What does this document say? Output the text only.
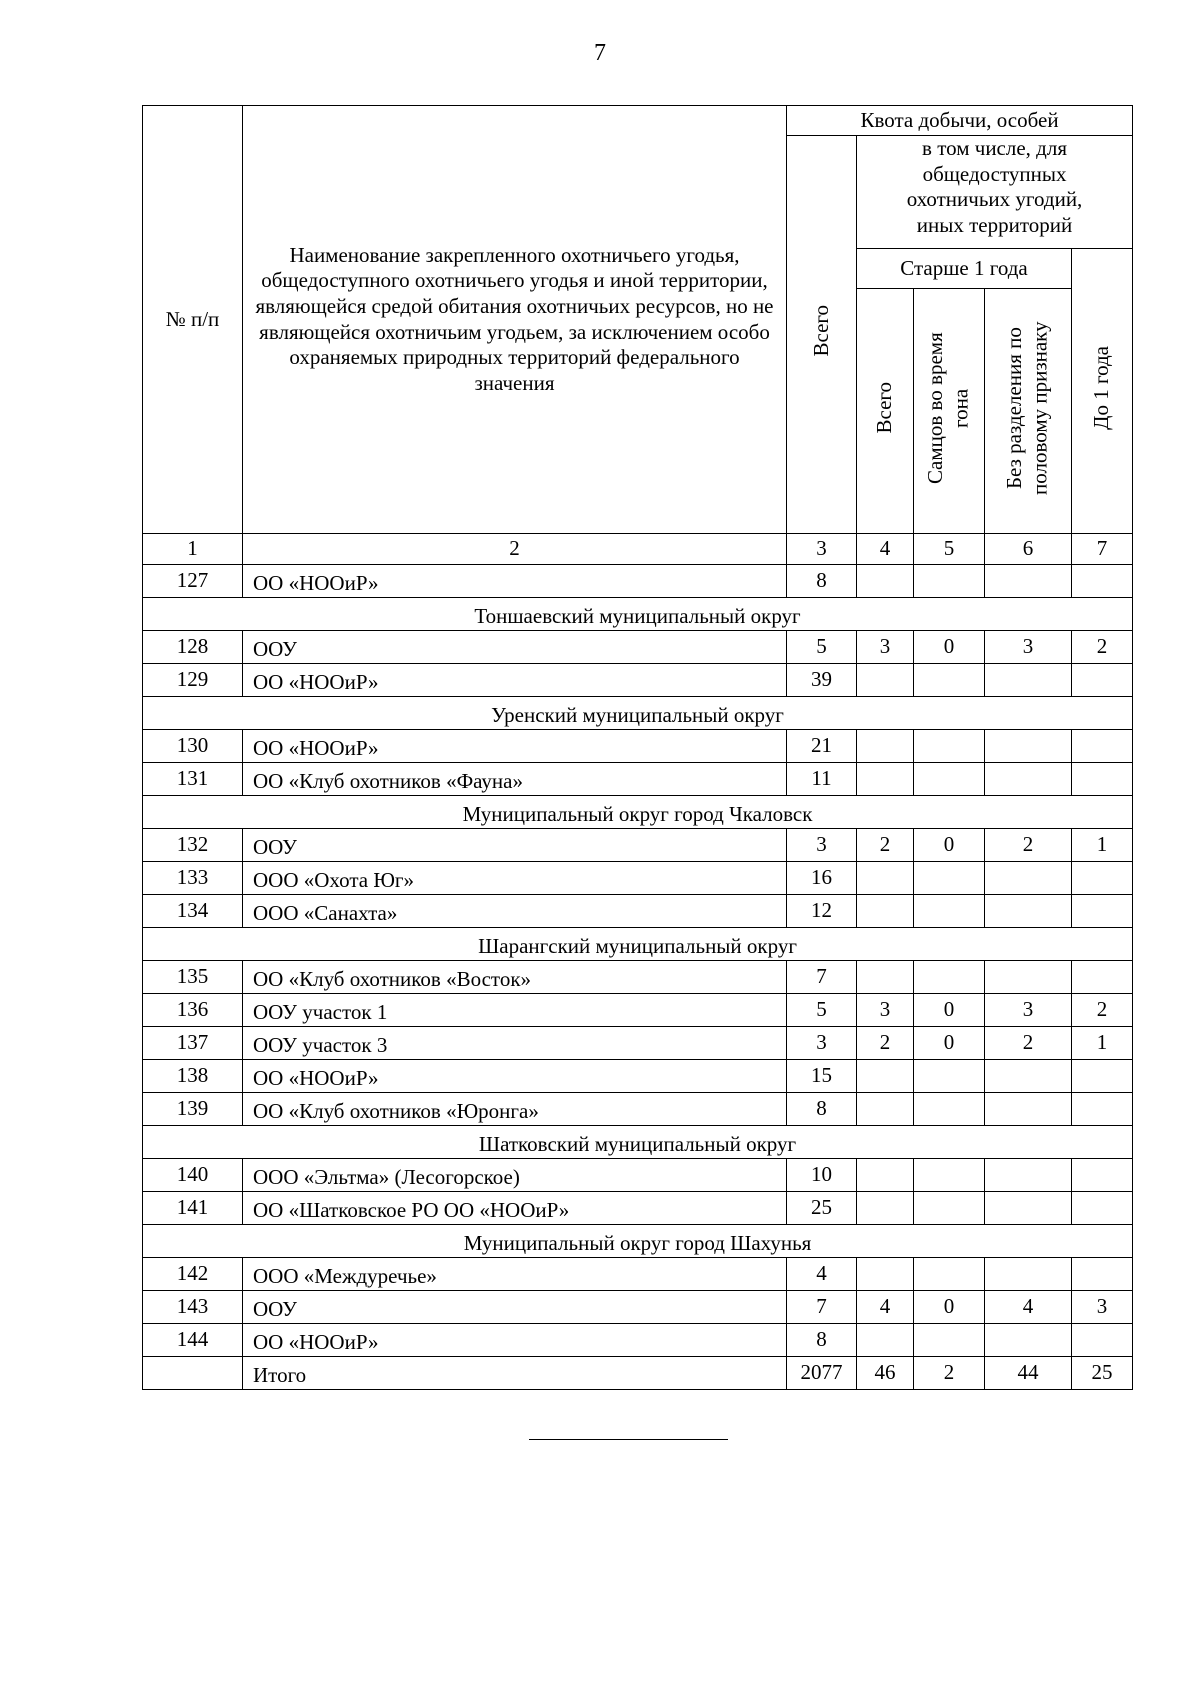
7
№ п/п	Наименование закрепленного охотничьего угодья, общедоступного охотничьего угодья и иной территории, являющейся средой обитания охотничьих ресурсов, но не являющейся охотничьим угодьем, за исключением особо охраняемых природных территорий федерального значения	Квота добычи, особей				
		Всего	в том числе, для общедоступных охотничьих угодий, иных территорий			
			Старше 1 года			До 1 года
			Всего	Самцов во время гона	Без разделения по половому признаку	
1	2	3	4	5	6	7
127	ОО «НООиР»	8				
Тоншаевский муниципальный округ						
128	ООУ	5	3	0	3	2
129	ОО «НООиР»	39				
Уренский муниципальный округ						
130	ОО «НООиР»	21				
131	ОО «Клуб охотников «Фауна»	11				
Муниципальный округ город Чкаловск						
132	ООУ	3	2	0	2	1
133	ООО «Охота Юг»	16				
134	ООО «Санахта»	12				
Шарангский муниципальный округ						
135	ОО «Клуб охотников «Восток»	7				
136	ООУ участок 1	5	3	0	3	2
137	ООУ участок 3	3	2	0	2	1
138	ОО «НООиР»	15				
139	ОО «Клуб охотников «Юронга»	8				
Шатковский муниципальный округ						
140	ООО «Эльтма» (Лесогорское)	10				
141	ОО «Шатковское РО ОО «НООиР»	25				
Муниципальный округ город Шахунья						
142	ООО «Междуречье»	4				
143	ООУ	7	4	0	4	3
144	ОО «НООиР»	8				
	Итого	2077	46	2	44	25
